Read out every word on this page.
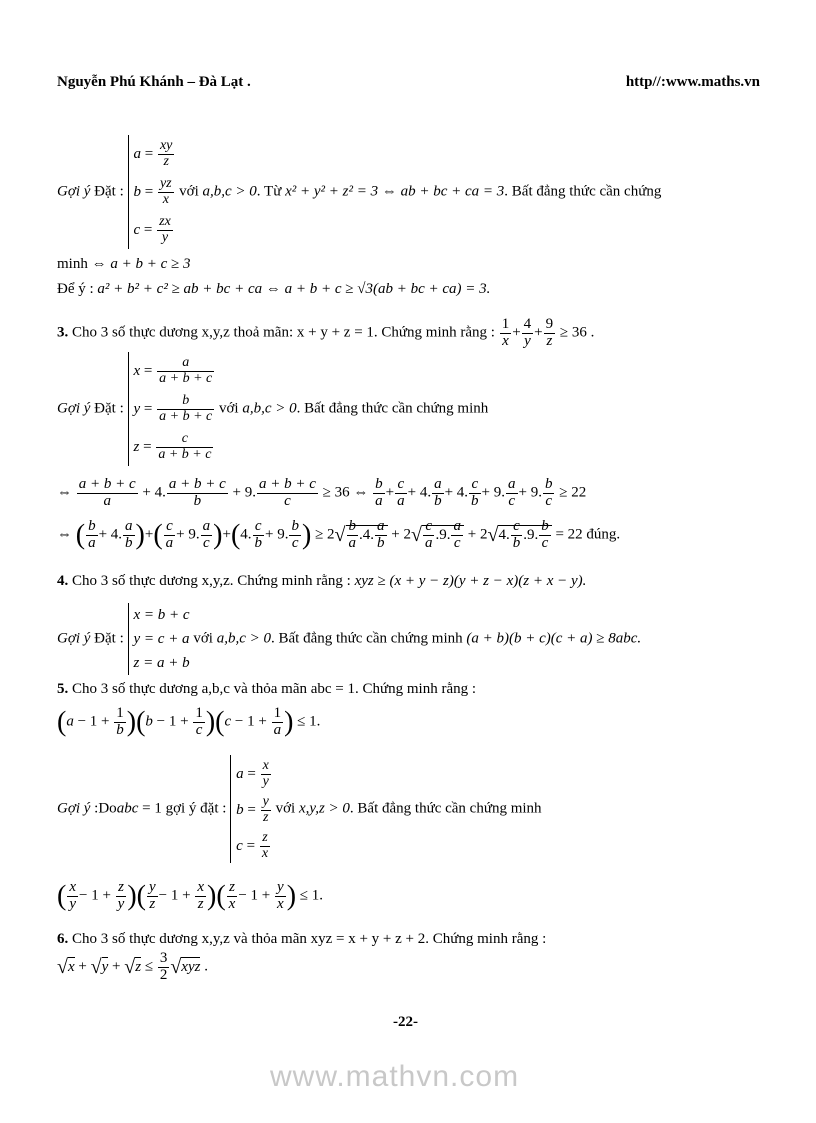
Nguyễn Phú Khánh – Đà Lạt .	http//:www.maths.vn
Gợi ý Đặt :
$a = \frac{xy}{z}$
$b = \frac{yz}{x}$
$c = \frac{zx}{y}$
với a,b,c > 0. Từ x² + y² + z² = 3 ⇔ ab + bc + ca = 3. Bất đẳng thức cần chứng
minh ⇔ a + b + c ≥ 3
Để ý : a² + b² + c² ≥ ab + bc + ca ⇔ a + b + c ≥ √3(ab + bc + ca) = 3.
3. Cho 3 số thực dương x,y,z thoả mãn: x + y + z = 1. Chứng minh rằng : $\frac{1}{x} + \frac{4}{y} + \frac{9}{z} \ge 36$ .
Gợi ý Đặt :
$x = \frac{a}{a + b + c}$
$y = \frac{b}{a + b + c}$
$z = \frac{c}{a + b + c}$
với a,b,c > 0. Bất đẳng thức cần chứng minh
⇔ $\frac{a + b + c}{a} + 4$. $\frac{a + b + c}{b} + 9$. $\frac{a + b + c}{c} \ge 36$ ⇔ $\frac{b}{a} + \frac{c}{a} + 4$. $\frac{a}{b} + 4$. $\frac{c}{b} + 9$. $\frac{a}{c} + 9$. $\frac{b}{c} \ge 22$
⇔ ( $\frac{b}{a} + 4$. $\frac{a}{b}$ )+( $\frac{c}{a} + 9$. $\frac{a}{c} )+(4$. $\frac{c}{b} + 9$. $\frac{b}{c}$ ) ≥ $2√ \frac{b}{a} .4$. $\frac{a}{b} + 2√ \frac{c}{a} .9$. $\frac{a}{c} + 2√4$. $\frac{c}{b} .9$. $\frac{b}{c} = 22$ đúng.
4. Cho 3 số thực dương x,y,z. Chứng minh rằng : xyz ≥ (x + y − z)(y + z − x)(z + x − y).
Gợi ý Đặt :
x = b + c
y = c + a
z = a + b
với a,b,c > 0. Bất đẳng thức cần chứng minh (a + b)(b + c)(c + a) ≥ 8abc.
5. Cho 3 số thực dương a,b,c và thỏa mãn abc = 1. Chứng minh rằng :
$(a - 1 + \frac{1}{b} )(b - 1 + \frac{1}{c} )(c - 1 + \frac{1}{a}$ ) ≤ 1.
Gợi ý :Doabc = 1 gợi ý đặt :
$a = \frac{x}{y}$
$b = \frac{y}{z}$
$c = \frac{z}{x}$
với x,y,z > 0. Bất đẳng thức cần chứng minh
( $\frac{x}{y} - 1 + \frac{z}{y}$ )( $\frac{y}{z} - 1 + \frac{x}{z}$ )( $\frac{z}{x} - 1 + \frac{y}{x}$ ) ≤ 1.
6. Cho 3 số thực dương x,y,z và thỏa mãn xyz = x + y + z + 2. Chứng minh rằng :
$√x + √y + √z \le \frac{3}{2} √xyz$ .
-22-
www.mathvn.com
